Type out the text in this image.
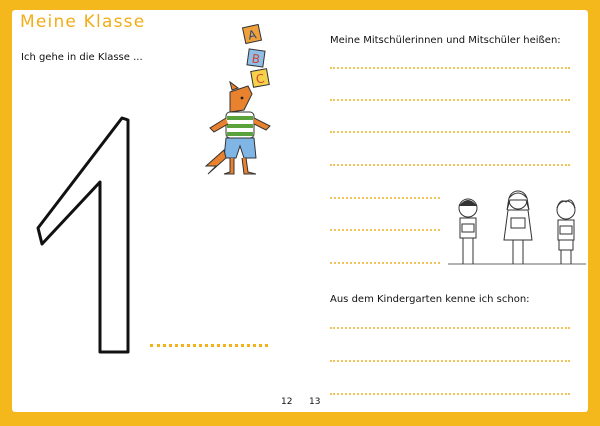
Meine Klasse
Ich gehe in die Klasse ...
A
B
C
12
Meine Mitschülerinnen und Mitschüler heißen:
Aus dem Kindergarten kenne ich schon:
13
